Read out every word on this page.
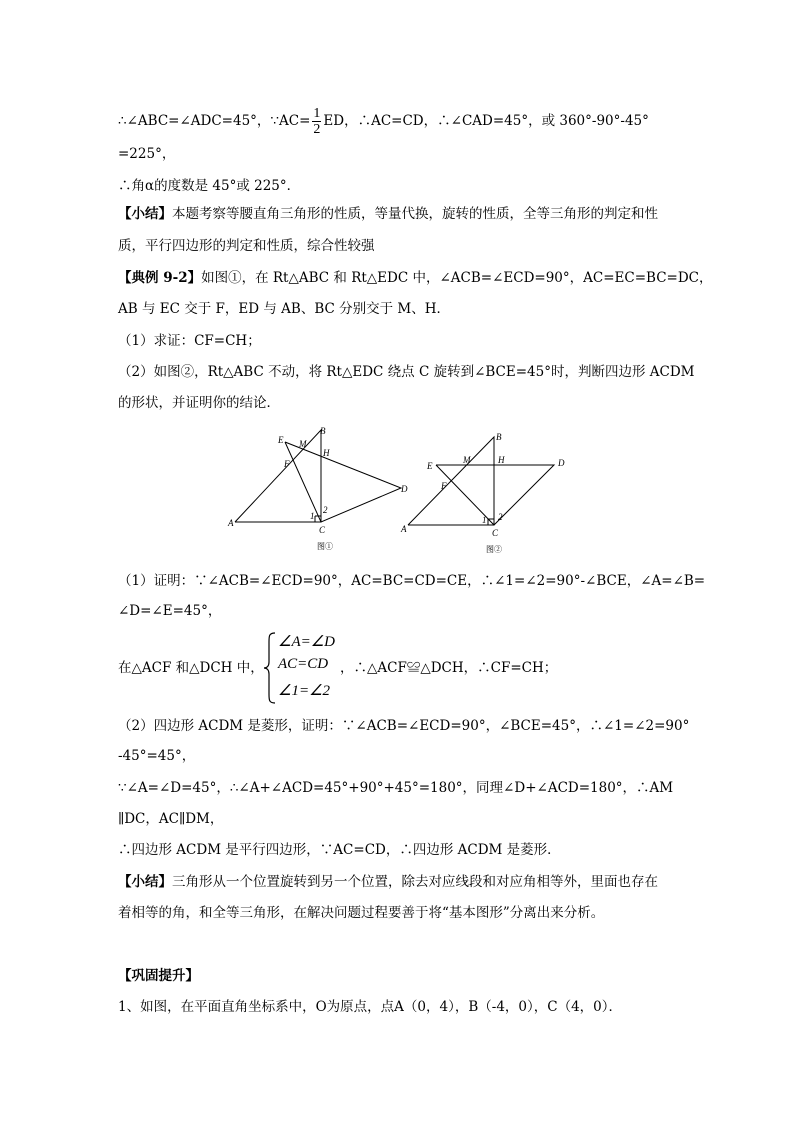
∴∠ABC=∠ADC=45°，∵AC= $\frac{1}{2}$ ED，∴AC=CD，∴∠CAD=45°，或 360°-90°-45°
=225°，
∴角α的度数是 45°或 225°．
【小结】本题考察等腰直角三角形的性质，等量代换，旋转的性质，全等三角形的判定和性
质，平行四边形的判定和性质，综合性较强
【典例 9-2】如图①，在 Rt△ABC 和 Rt△EDC 中，∠ACB=∠ECD=90°，AC=EC=BC=DC，
AB 与 EC 交于 F，ED 与 AB、BC 分别交于 M、H．
（1）求证：CF=CH；
（2）如图②，Rt△ABC 不动，将 Rt△EDC 绕点 C 旋转到∠BCE=45°时，判断四边形 ACDM
的形状，并证明你的结论．
E
B
M
H
F
D
A
C
1
2
图①
B
E
M	H	D
F
A	C
1 2
图②
（1）证明：∵∠ACB=∠ECD=90°，AC=BC=CD=CE，∴∠1=∠2=90°-∠BCE，∠A=∠B=
∠D=∠E=45°，
在△ACF 和△DCH 中，
∠A=∠D
AC=CD
∠1=∠2
，∴△ACF≌△DCH，∴CF=CH；
（2）四边形 ACDM 是菱形，证明：∵∠ACB=∠ECD=90°，∠BCE=45°，∴∠1=∠2=90°
-45°=45°，
∵∠A=∠D=45°，∴∠A+∠ACD=45°+90°+45°=180°，同理∠D+∠ACD=180°，∴AM
∥DC，AC∥DM，
∴四边形 ACDM 是平行四边形，∵AC=CD，∴四边形 ACDM 是菱形．
【小结】三角形从一个位置旋转到另一个位置，除去对应线段和对应角相等外，里面也存在
着相等的角，和全等三角形，在解决问题过程要善于将“基本图形”分离出来分析。
【巩固提升】
1、如图，在平面直角坐标系中，O为原点，点A（0，4），B（-4，0），C（4，0）．
